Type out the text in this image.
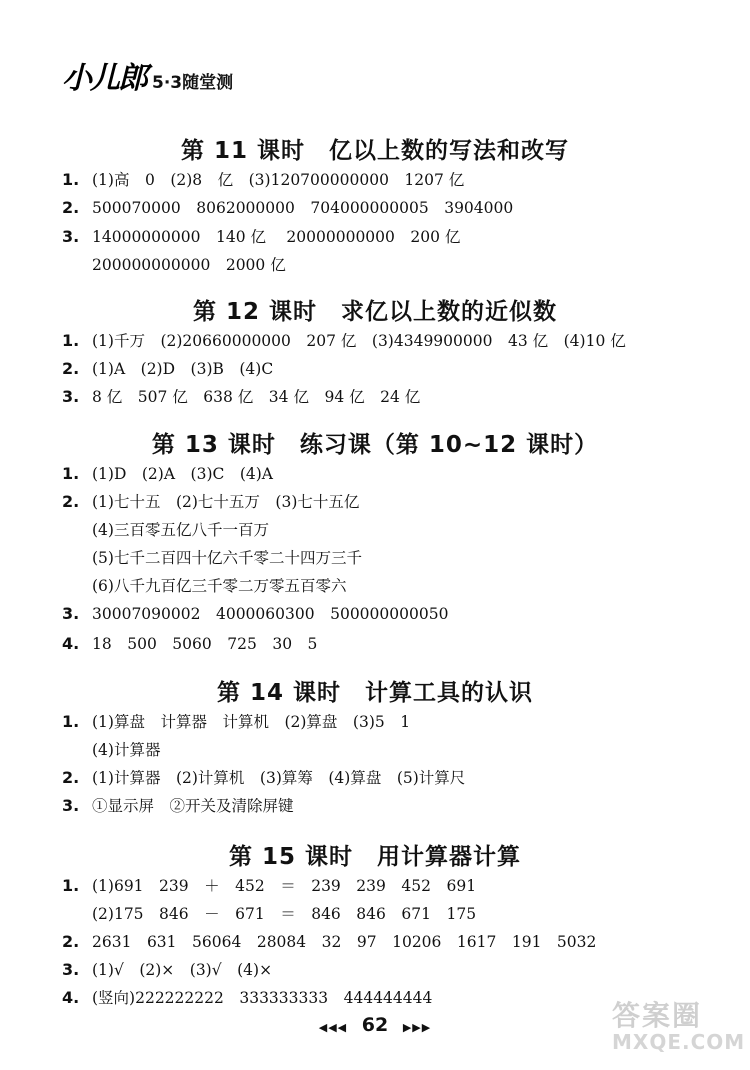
小儿郎 5·3随堂测
第 11 课时　亿以上数的写法和改写
1. (1)高　0　(2)8　亿　(3)120700000000　1207 亿
2. 500070000　8062000000　704000000005　3904000
3. 14000000000　140 亿　 20000000000　200 亿
200000000000　2000 亿
第 12 课时　求亿以上数的近似数
1. (1)千万　(2)20660000000　207 亿　(3)4349900000　43 亿　(4)10 亿
2. (1)A　(2)D　(3)B　(4)C
3. 8 亿　507 亿　638 亿　34 亿　94 亿　24 亿
第 13 课时　练习课（第 10~12 课时）
1. (1)D　(2)A　(3)C　(4)A
2. (1)七十五　(2)七十五万　(3)七十五亿
(4)三百零五亿八千一百万
(5)七千二百四十亿六千零二十四万三千
(6)八千九百亿三千零二万零五百零六
3. 30007090002　4000060300　500000000050
4. 18　500　5060　725　30　5
第 14 课时　计算工具的认识
1. (1)算盘　计算器　计算机　(2)算盘　(3)5　1
(4)计算器
2. (1)计算器　(2)计算机　(3)算筹　(4)算盘　(5)计算尺
3. ①显示屏　②开关及清除屏键
第 15 课时　用计算器计算
1. (1)691　239　＋　452　＝　239　239　452　691
(2)175　846　－　671　＝　846　846　671　175
2. 2631　631　56064　28084　32　97　10206　1617　191　5032
3. (1)√　(2)×　(3)√　(4)×
4. (竖向)222222222　333333333　444444444
◀◀◀ 62 ▶▶▶	答案圈
MXQE.COM
